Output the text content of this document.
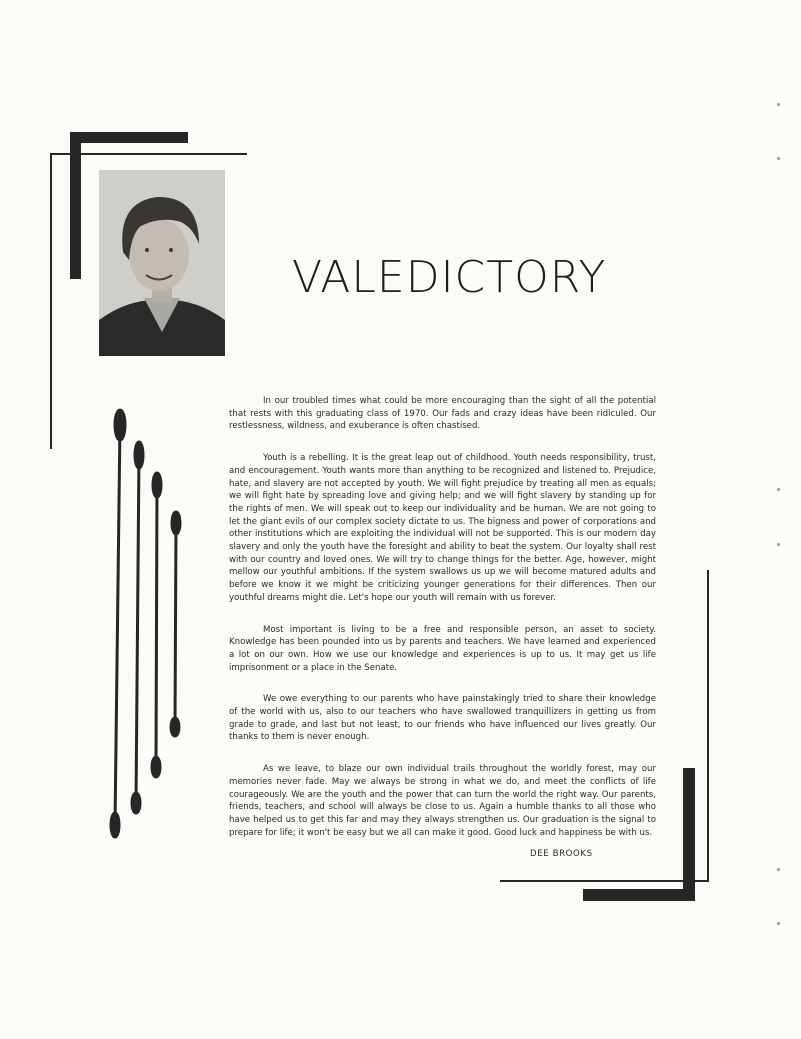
VALEDICTORY

In our troubled times what could be more encouraging than the sight of all the potential that rests with this graduating class of 1970. Our fads and crazy ideas have been ridiculed. Our restlessness, wildness, and exuberance is often chastised.

Youth is a rebelling. It is the great leap out of childhood. Youth needs responsibility, trust, and encouragement. Youth wants more than anything to be recognized and listened to. Prejudice, hate, and slavery are not accepted by youth. We will fight prejudice by treating all men as equals; we will fight hate by spreading love and giving help; and we will fight slavery by standing up for the rights of men. We will speak out to keep our individuality and be human. We are not going to let the giant evils of our complex society dictate to us. The bigness and power of corporations and other institutions which are exploiting the individual will not be supported. This is our modern day slavery and only the youth have the foresight and ability to beat the system. Our loyalty shall rest with our country and loved ones. We will try to change things for the better. Age, however, might mellow our youthful ambitions. If the system swallows us up we will become matured adults and before we know it we might be criticizing younger generations for their differences. Then our youthful dreams might die. Let's hope our youth will remain with us forever.

Most important is living to be a free and responsible person, an asset to society. Knowledge has been pounded into us by parents and teachers. We have learned and experienced a lot on our own. How we use our knowledge and experiences is up to us. It may get us life imprisonment or a place in the Senate.

We owe everything to our parents who have painstakingly tried to share their knowledge of the world with us, also to our teachers who have swallowed tranquillizers in getting us from grade to grade, and last but not least, to our friends who have influenced our lives greatly. Our thanks to them is never enough.

As we leave, to blaze our own individual trails throughout the worldly forest, may our memories never fade. May we always be strong in what we do, and meet the conflicts of life courageously. We are the youth and the power that can turn the world the right way. Our parents, friends, teachers, and school will always be close to us. Again a humble thanks to all those who have helped us to get this far and may they always strengthen us. Our graduation is the signal to prepare for life; it won't be easy but we all can make it good. Good luck and happiness be with us.

DEE BROOKS
